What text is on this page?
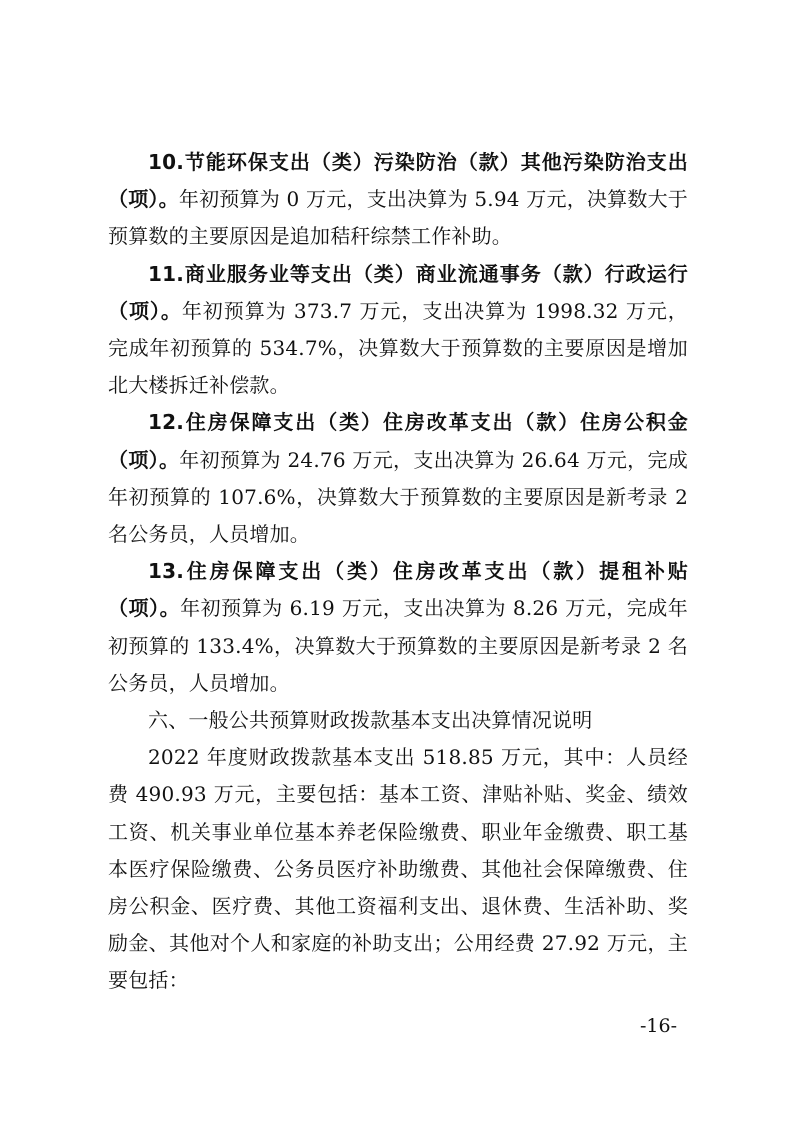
10.节能环保支出（类）污染防治（款）其他污染防治支出（项）。年初预算为 0 万元，支出决算为 5.94 万元，决算数大于预算数的主要原因是追加秸秆综禁工作补助。

11.商业服务业等支出（类）商业流通事务（款）行政运行（项）。年初预算为 373.7 万元，支出决算为 1998.32 万元，完成年初预算的 534.7%，决算数大于预算数的主要原因是增加北大楼拆迁补偿款。

12.住房保障支出（类）住房改革支出（款）住房公积金（项）。年初预算为 24.76 万元，支出决算为 26.64 万元，完成年初预算的 107.6%，决算数大于预算数的主要原因是新考录 2 名公务员，人员增加。

13.住房保障支出（类）住房改革支出（款）提租补贴（项）。年初预算为 6.19 万元，支出决算为 8.26 万元，完成年初预算的 133.4%，决算数大于预算数的主要原因是新考录 2 名公务员，人员增加。

六、一般公共预算财政拨款基本支出决算情况说明

2022 年度财政拨款基本支出 518.85 万元，其中：人员经费 490.93 万元，主要包括：基本工资、津贴补贴、奖金、绩效工资、机关事业单位基本养老保险缴费、职业年金缴费、职工基本医疗保险缴费、公务员医疗补助缴费、其他社会保障缴费、住房公积金、医疗费、其他工资福利支出、退休费、生活补助、奖励金、其他对个人和家庭的补助支出；公用经费 27.92 万元，主要包括：

-16-
